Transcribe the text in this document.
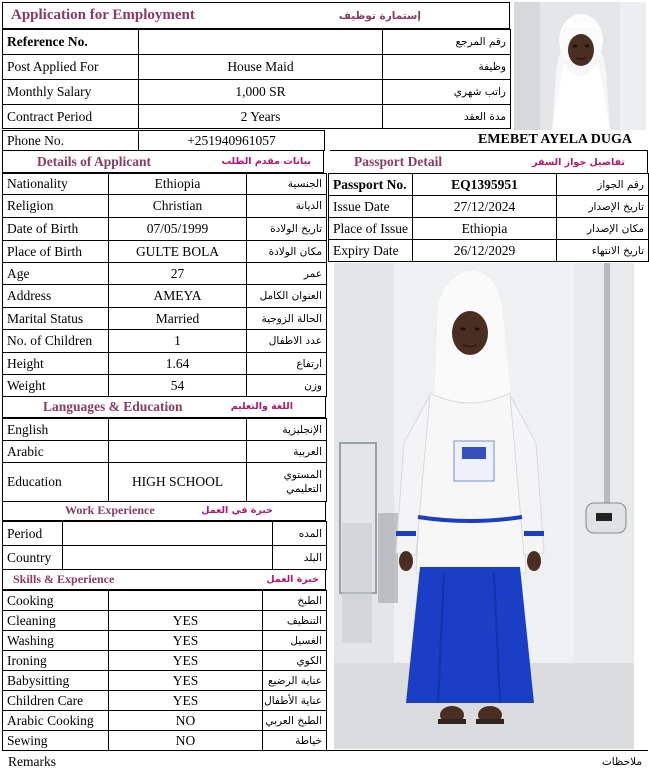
Application for Employment	إستمارة توظيف
Reference No.		رقم المرجع
Post Applied For	House Maid	وظيفة
Monthly Salary	1,000 SR	راتب شهري
Contract Period	2 Years	مدة العقد
Phone No.	+251940961057	EMEBET AYELA DUGA
Details of Applicant	بيانات مقدم الطلب
Nationality	Ethiopia	الجنسية
Religion	Christian	الديانة
Date of Birth	07/05/1999	تاريخ الولادة
Place of Birth	GULTE BOLA	مكان الولادة
Age	27	عمر
Address	AMEYA	العنوان الكامل
Marital Status	Married	الحالة الزوجية
No. of Children	1	عدد الاطفال
Height	1.64	ارتفاع
Weight	54	وزن
Languages & Education	اللغة والتعليم
English		الإنجليزية
Arabic		العربية
Education	HIGH SCHOOL	المستوي التعليمي
Work Experience	خبرة في العمل
Period		المده
Country		البلد
Skills & Experience	خبرة العمل
Cooking		الطبخ
Cleaning	YES	التنظيف
Washing	YES	الغسيل
Ironing	YES	الكوي
Babysitting	YES	عناية الرضيع
Children Care	YES	عناية الأطفال
Arabic Cooking	NO	الطبخ العربي
Sewing	NO	خياطة
Passport Detail	تفاصيل جواز السفر
Passport No.	EQ1395951	رقم الجواز
Issue Date	27/12/2024	تاريخ الإصدار
Place of Issue	Ethiopia	مكان الإصدار
Expiry Date	26/12/2029	تاريخ الانتهاء
Remarks	ملاحظات
